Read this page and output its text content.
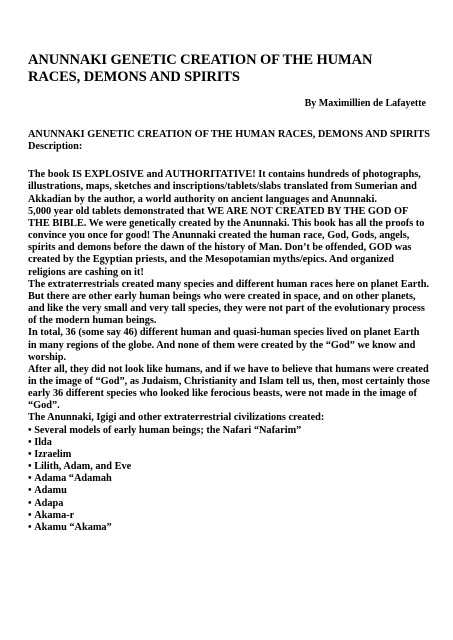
ANUNNAKI GENETIC CREATION OF THE HUMAN RACES, DEMONS AND SPIRITS
By Maximillien de Lafayette

ANUNNAKI GENETIC CREATION OF THE HUMAN RACES, DEMONS AND SPIRITS Description:

The book IS EXPLOSIVE and AUTHORITATIVE! It contains hundreds of photographs, illustrations, maps, sketches and inscriptions/tablets/slabs translated from Sumerian and Akkadian by the author, a world authority on ancient languages and Anunnaki.

5,000 year old tablets demonstrated that WE ARE NOT CREATED BY THE GOD OF THE BIBLE. We were genetically created by the Anunnaki. This book has all the proofs to convince you once for good! The Anunnaki created the human race, God, Gods, angels, spirits and demons before the dawn of the history of Man. Don’t be offended, GOD was created by the Egyptian priests, and the Mesopotamian myths/epics. And organized religions are cashing on it!

The extraterrestrials created many species and different human races here on planet Earth. But there are other early human beings who were created in space, and on other planets, and like the very small and very tall species, they were not part of the evolutionary process of the modern human beings.

In total, 36 (some say 46) different human and quasi-human species lived on planet Earth in many regions of the globe. And none of them were created by the “God” we know and worship.

After all, they did not look like humans, and if we have to believe that humans were created in the image of “God”, as Judaism, Christianity and Islam tell us, then, most certainly those early 36 different species who looked like ferocious beasts, were not made in the image of “God”.

The Anunnaki, Igigi and other extraterrestrial civilizations created:

• Several models of early human beings; the Nafari “Nafarim”
• Ilda
• Izraelim
• Lilith, Adam, and Eve
• Adama “Adamah
• Adamu
• Adapa
• Akama-r
• Akamu “Akama”
